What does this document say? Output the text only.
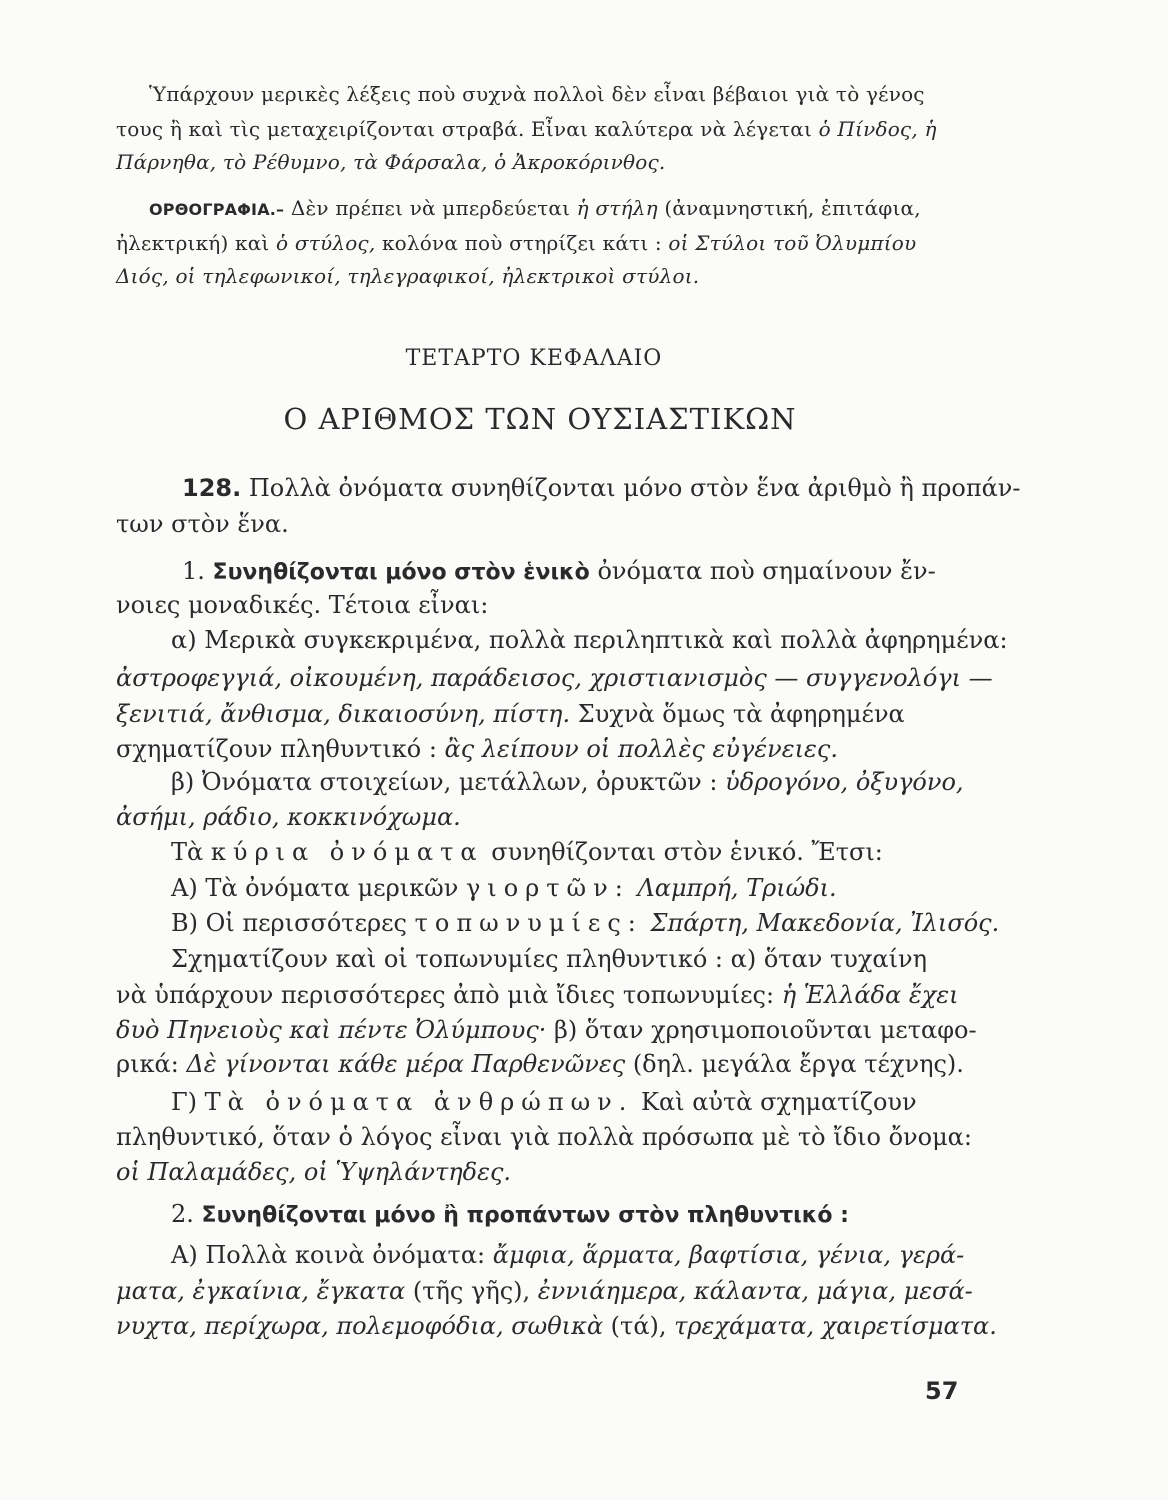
Ὑπάρχουν μερικὲς λέξεις ποὺ συχνὰ πολλοὶ δὲν εἶναι βέβαιοι γιὰ τὸ γένος

τους ἢ καὶ τὶς μεταχειρίζονται στραβά. Εἶναι καλύτερα νὰ λέγεται ὁ Πίνδος, ἡ

Πάρνηθα, τὸ Ρέθυμνο, τὰ Φάρσαλα, ὁ Ἀκροκόρινθος.

ΟΡΘΟΓΡΑΦΙΑ.– Δὲν πρέπει νὰ μπερδεύεται ἡ στήλη (ἀναμνηστική, ἐπιτάφια,

ἠλεκτρική) καὶ ὁ στύλος, κολόνα ποὺ στηρίζει κάτι : οἱ Στύλοι τοῦ Ὀλυμπίου

Διός, οἱ τηλεφωνικοί, τηλεγραφικοί, ἠλεκτρικοὶ στύλοι.

ΤΕΤΑΡΤΟ ΚΕΦΑΛΑΙΟ

Ο ΑΡΙΘΜΟΣ ΤΩΝ ΟΥΣΙΑΣΤΙΚΩΝ

128. Πολλὰ ὀνόματα συνηθίζονται μόνο στὸν ἕνα ἀριθμὸ ἢ προπάν-

των στὸν ἕνα.

1. Συνηθίζονται μόνο στὸν ἑνικὸ ὀνόματα ποὺ σημαίνουν ἔν-

νοιες μοναδικές. Τέτοια εἶναι:

α) Μερικὰ συγκεκριμένα, πολλὰ περιληπτικὰ καὶ πολλὰ ἀφηρημένα:

ἀστροφεγγιά, οἰκουμένη, παράδεισος, χριστιανισμὸς — συγγενολόγι —

ξενιτιά, ἄνθισμα, δικαιοσύνη, πίστη. Συχνὰ ὅμως τὰ ἀφηρημένα

σχηματίζουν πληθυντικό : ἂς λείπουν οἱ πολλὲς εὐγένειες.

β) Ὀνόματα στοιχείων, μετάλλων, ὀρυκτῶν : ὑδρογόνο, ὀξυγόνο,

ἀσήμι, ράδιο, κοκκινόχωμα.

Τὰ κύρια ὀνόματα συνηθίζονται στὸν ἑνικό. Ἔτσι:

Α) Τὰ ὀνόματα μερικῶν γιορτῶν: Λαμπρή, Τριώδι.

Β) Οἱ περισσότερες τοπωνυμίες: Σπάρτη, Μακεδονία, Ἰλισός.

Σχηματίζουν καὶ οἱ τοπωνυμίες πληθυντικό : α) ὅταν τυχαίνη

νὰ ὑπάρχουν περισσότερες ἀπὸ μιὰ ἴδιες τοπωνυμίες: ἡ Ἑλλάδα ἔχει

δυὸ Πηνειοὺς καὶ πέντε Ὀλύμπους· β) ὅταν χρησιμοποιοῦνται μεταφο-

ρικά: Δὲ γίνονται κάθε μέρα Παρθενῶνες (δηλ. μεγάλα ἔργα τέχνης).

Γ) Τὰ ὀνόματα ἀνθρώπων. Καὶ αὐτὰ σχηματίζουν

πληθυντικό, ὅταν ὁ λόγος εἶναι γιὰ πολλὰ πρόσωπα μὲ τὸ ἴδιο ὄνομα:

οἱ Παλαμάδες, οἱ Ὑψηλάντηδες.

2. Συνηθίζονται μόνο ἢ προπάντων στὸν πληθυντικό :

Α) Πολλὰ κοινὰ ὀνόματα: ἄμφια, ἅρματα, βαφτίσια, γένια, γερά-

ματα, ἐγκαίνια, ἔγκατα (τῆς γῆς), ἐννιάημερα, κάλαντα, μάγια, μεσά-

νυχτα, περίχωρα, πολεμοφόδια, σωθικὰ (τά), τρεχάματα, χαιρετίσματα.

57
